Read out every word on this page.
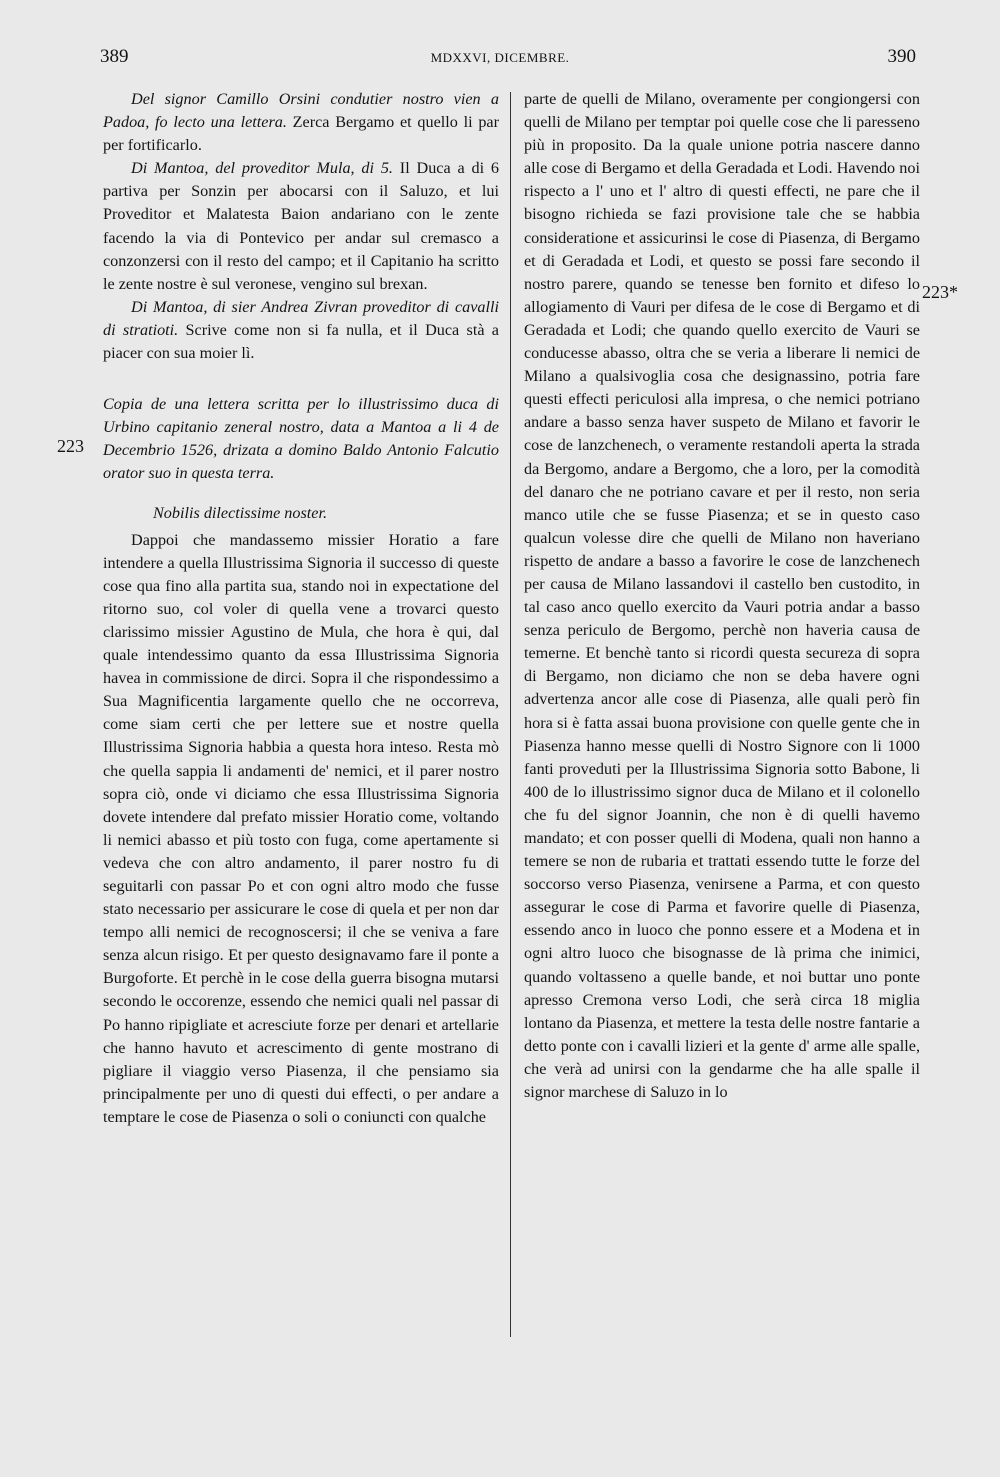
389	MDXXVI, DICEMBRE.	390
223
223*

Del signor Camillo Orsini condutier nostro vien a Padoa, fo lecto una lettera. Zerca Bergamo et quello li par per fortificarlo.

Di Mantoa, del proveditor Mula, di 5. Il Duca a di 6 partiva per Sonzin per abocarsi con il Saluzo, et lui Proveditor et Malatesta Baion andariano con le zente facendo la via di Pontevico per andar sul cremasco a conzonzersi con il resto del campo; et il Capitanio ha scritto le zente nostre è sul veronese, vengino sul brexan.

Di Mantoa, di sier Andrea Zivran proveditor di cavalli di stratioti. Scrive come non si fa nulla, et il Duca stà a piacer con sua moier lì.

Copia de una lettera scritta per lo illustrissimo duca di Urbino capitanio zeneral nostro, data a Mantoa a li 4 de Decembrio 1526, drizata a domino Baldo Antonio Falcutio orator suo in questa terra.

Nobilis dilectissime noster.

Dappoi che mandassemo missier Horatio a fare intendere a quella Illustrissima Signoria il successo di queste cose qua fino alla partita sua, stando noi in expectatione del ritorno suo, col voler di quella vene a trovarci questo clarissimo missier Agustino de Mula, che hora è qui, dal quale intendessimo quanto da essa Illustrissima Signoria havea in commissione de dirci. Sopra il che rispondessimo a Sua Magnificentia largamente quello che ne occorreva, come siam certi che per lettere sue et nostre quella Illustrissima Signoria habbia a questa hora inteso. Resta mò che quella sappia li andamenti de' nemici, et il parer nostro sopra ciò, onde vi diciamo che essa Illustrissima Signoria dovete intendere dal prefato missier Horatio come, voltando li nemici abasso et più tosto con fuga, come apertamente si vedeva che con altro andamento, il parer nostro fu di seguitarli con passar Po et con ogni altro modo che fusse stato necessario per assicurare le cose di quela et per non dar tempo alli nemici de recognoscersi; il che se veniva a fare senza alcun risigo. Et per questo designavamo fare il ponte a Burgoforte. Et perchè in le cose della guerra bisogna mutarsi secondo le occorenze, essendo che nemici quali nel passar di Po hanno ripigliate et acresciute forze per denari et artellarie che hanno havuto et acrescimento di gente mostrano di pigliare il viaggio verso Piasenza, il che pensiamo sia principalmente per uno di questi dui effecti, o per andare a temptare le cose de Piasenza o soli o coniuncti con qualche

parte de quelli de Milano, overamente per congiongersi con quelli de Milano per temptar poi quelle cose che li paresseno più in proposito. Da la quale unione potria nascere danno alle cose di Bergamo et della Geradada et Lodi. Havendo noi rispecto a l' uno et l' altro di questi effecti, ne pare che il bisogno richieda se fazi provisione tale che se habbia consideratione et assicurinsi le cose di Piasenza, di Bergamo et di Geradada et Lodi, et questo se possi fare secondo il nostro parere, quando se tenesse ben fornito et difeso lo allogiamento di Vauri per difesa de le cose di Bergamo et di Geradada et Lodi; che quando quello exercito de Vauri se conducesse abasso, oltra che se veria a liberare li nemici de Milano a qualsivoglia cosa che designassino, potria fare questi effecti periculosi alla impresa, o che nemici potriano andare a basso senza haver suspeto de Milano et favorir le cose de lanzchenech, o veramente restandoli aperta la strada da Bergomo, andare a Bergomo, che a loro, per la comodità del danaro che ne potriano cavare et per il resto, non seria manco utile che se fusse Piasenza; et se in questo caso qualcun volesse dire che quelli de Milano non haveriano rispetto de andare a basso a favorire le cose de lanzchenech per causa de Milano lassandovi il castello ben custodito, in tal caso anco quello exercito da Vauri potria andar a basso senza periculo de Bergomo, perchè non haveria causa de temerne. Et benchè tanto si ricordi questa secureza di sopra di Bergamo, non diciamo che non se deba havere ogni advertenza ancor alle cose di Piasenza, alle quali però fin hora si è fatta assai buona provisione con quelle gente che in Piasenza hanno messe quelli di Nostro Signore con li 1000 fanti proveduti per la Illustrissima Signoria sotto Babone, li 400 de lo illustrissimo signor duca de Milano et il colonello che fu del signor Joannin, che non è di quelli havemo mandato; et con posser quelli di Modena, quali non hanno a temere se non de rubaria et trattati essendo tutte le forze del soccorso verso Piasenza, venirsene a Parma, et con questo assegurar le cose di Parma et favorire quelle di Piasenza, essendo anco in luoco che ponno essere et a Modena et in ogni altro luoco che bisognasse de là prima che inimici, quando voltasseno a quelle bande, et noi buttar uno ponte apresso Cremona verso Lodi, che serà circa 18 miglia lontano da Piasenza, et mettere la testa delle nostre fantarie a detto ponte con i cavalli lizieri et la gente d' arme alle spalle, che verà ad unirsi con la gendarme che ha alle spalle il signor marchese di Saluzo in lo
